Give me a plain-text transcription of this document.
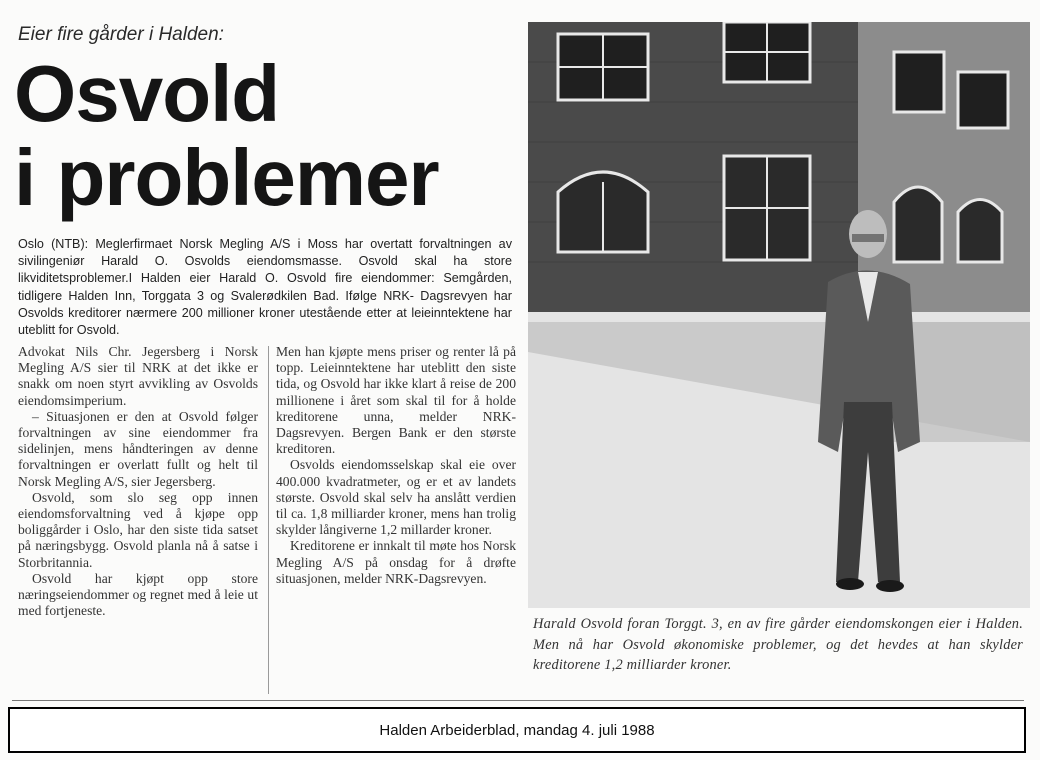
Eier fire gårder i Halden:
Osvold
i problemer
Oslo (NTB): Meglerfirmaet Norsk Megling A/S i Moss har overtatt forvaltningen av sivilingeniør Harald O. Osvolds eiendomsmasse. Osvold skal ha store likviditetsproblemer.I Halden eier Harald O. Osvold fire eiendommer: Semgården, tidligere Halden Inn, Torggata 3 og Svalerødkilen Bad. Ifølge NRK- Dagsrevyen har Osvolds kreditorer nærmere 200 millioner kroner utestående etter at leieinntektene har uteblitt for Osvold.

Advokat Nils Chr. Jegersberg i Norsk Megling A/S sier til NRK at det ikke er snakk om noen styrt avvikling av Osvolds eiendomsimperium.

– Situasjonen er den at Osvold følger forvaltningen av sine eiendommer fra sidelinjen, mens håndteringen av denne forvaltningen er overlatt fullt og helt til Norsk Megling A/S, sier Jegersberg.

Osvold, som slo seg opp innen eiendomsforvaltning ved å kjøpe opp boliggårder i Oslo, har den siste tida satset på næringsbygg. Osvold planla nå å satse i Storbritannia.

Osvold har kjøpt opp store næringseiendommer og regnet med å leie ut med fortjeneste.

Men han kjøpte mens priser og renter lå på topp. Leieinntektene har uteblitt den siste tida, og Osvold har ikke klart å reise de 200 millionene i året som skal til for å holde kreditorene unna, melder NRK-Dagsrevyen. Bergen Bank er den største kreditoren.

Osvolds eiendomsselskap skal eie over 400.000 kvadratmeter, og er et av landets største. Osvold skal selv ha anslått verdien til ca. 1,8 milliarder kroner, mens han trolig skylder långiverne 1,2 millarder kroner.

Kreditorene er innkalt til møte hos Norsk Megling A/S på onsdag for å drøfte situasjonen, melder NRK-Dagsrevyen.

Harald Osvold foran Torggt. 3, en av fire gårder eiendomskongen eier i Halden. Men nå har Osvold økonomiske problemer, og det hevdes at han skylder kreditorene 1,2 milliarder kroner.
Halden Arbeiderblad, mandag 4. juli 1988
